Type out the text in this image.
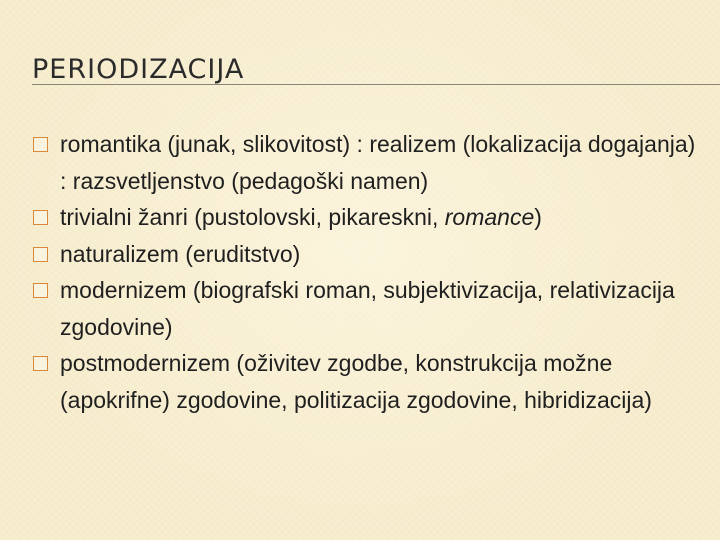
PERIODIZACIJA
romantika (junak, slikovitost) : realizem (lokalizacija dogajanja) : razsvetljenstvo (pedagoški namen)
trivialni žanri (pustolovski, pikareskni, romance)
naturalizem (eruditstvo)
modernizem (biografski roman, subjektivizacija, relativizacija zgodovine)
postmodernizem (oživitev zgodbe, konstrukcija možne (apokrifne) zgodovine, politizacija zgodovine, hibridizacija)
